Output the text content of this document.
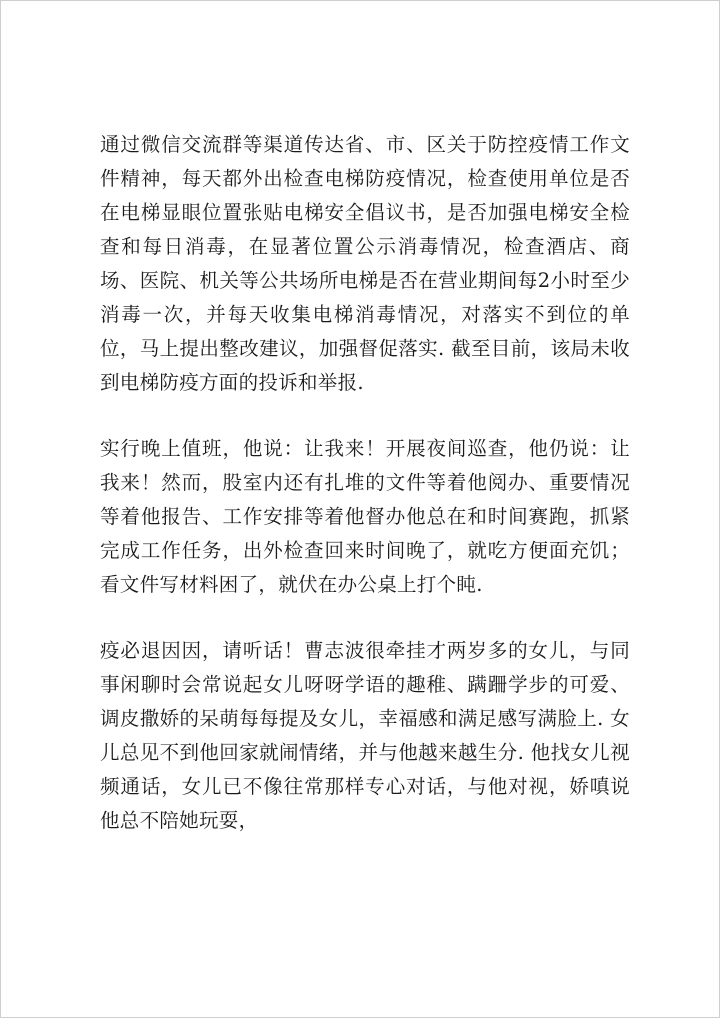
通过微信交流群等渠道传达省、市、区关于防控疫情工作文件精神，每天都外出检查电梯防疫情况，检查使用单位是否在电梯显眼位置张贴电梯安全倡议书，是否加强电梯安全检查和每日消毒，在显著位置公示消毒情况，检查酒店、商场、医院、机关等公共场所电梯是否在营业期间每2小时至少消毒一次，并每天收集电梯消毒情况，对落实不到位的单位，马上提出整改建议，加强督促落实. 截至目前，该局未收到电梯防疫方面的投诉和举报.

实行晚上值班，他说：让我来！开展夜间巡查，他仍说：让我来！然而，股室内还有扎堆的文件等着他阅办、重要情况等着他报告、工作安排等着他督办他总在和时间赛跑，抓紧完成工作任务，出外检查回来时间晚了，就吃方便面充饥；看文件写材料困了，就伏在办公桌上打个盹.

疫必退因因，请听话！曹志波很牵挂才两岁多的女儿，与同事闲聊时会常说起女儿呀呀学语的趣稚、蹒跚学步的可爱、调皮撒娇的呆萌每每提及女儿，幸福感和满足感写满脸上. 女儿总见不到他回家就闹情绪，并与他越来越生分. 他找女儿视频通话，女儿已不像往常那样专心对话，与他对视，娇嗔说他总不陪她玩耍，
